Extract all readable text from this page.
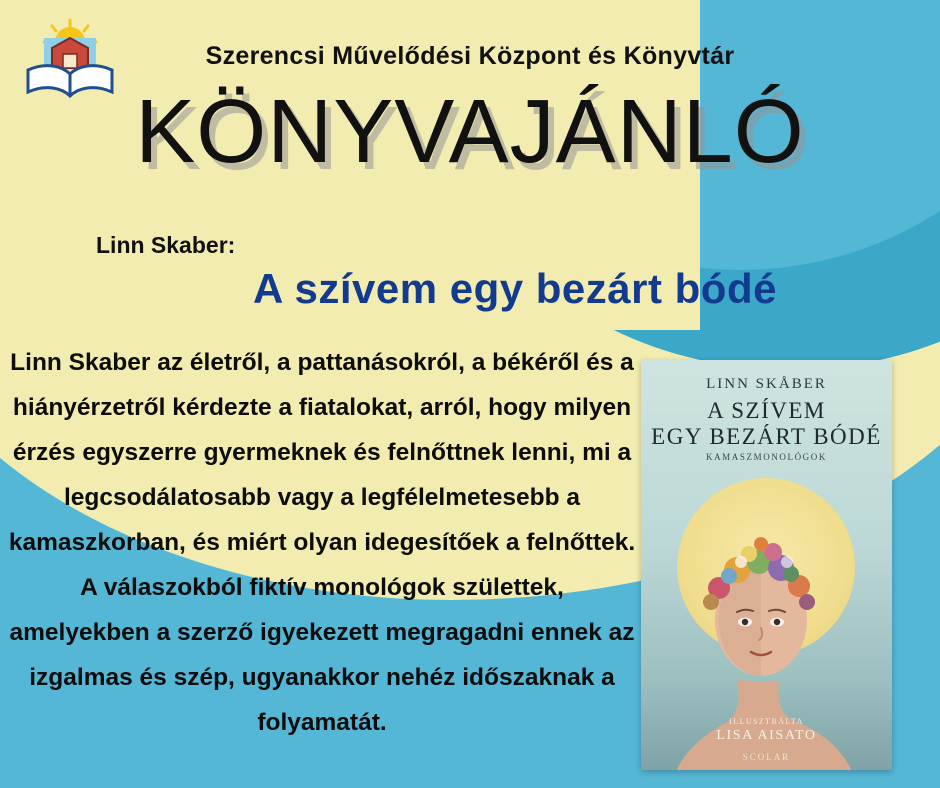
Szerencsi Művelődési Központ és Könyvtár
KÖNYVAJÁNLÓ
Linn Skaber:
A szívem egy bezárt bódé
Linn Skaber az életről, a pattanásokról, a békéről és a hiányérzetről kérdezte a fiatalokat, arról, hogy milyen érzés egyszerre gyermeknek és felnőttnek lenni, mi a legcsodálatosabb vagy a legfélelmetesebb a kamaszkorban, és miért olyan idegesítőek a felnőttek. A válaszokból fiktív monológok születtek, amelyekben a szerző igyekezett megragadni ennek az izgalmas és szép, ugyanakkor nehéz időszaknak a folyamatát.
LINN SKÅBER
A SZÍVEM
EGY BEZÁRT BÓDÉ
KAMASZMONOLÓGOK
ILLUSZTRÁLTA
LISA AISATO
SCOLAR
